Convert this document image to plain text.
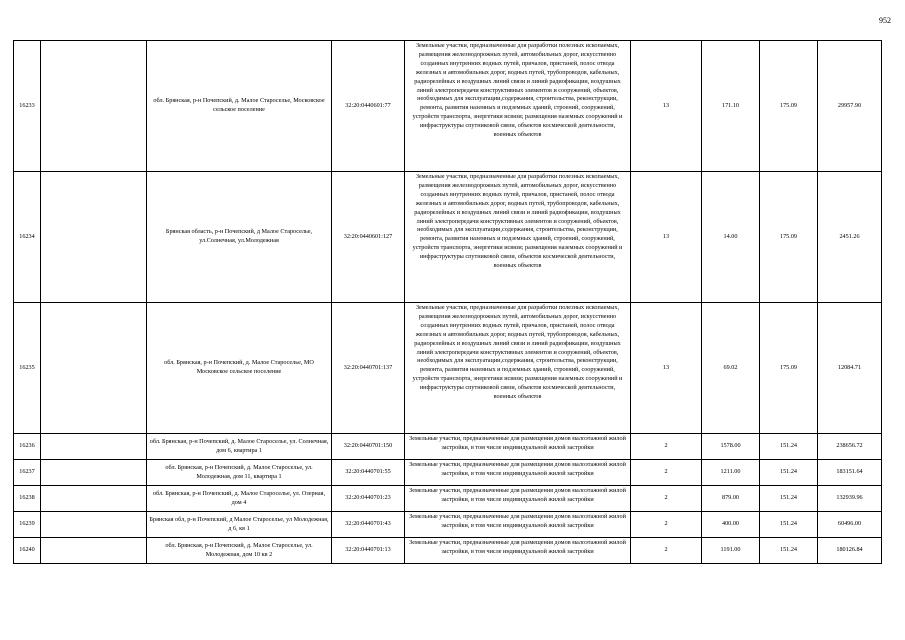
952
16233		обл. Брянская, р-н Почепский, д. Малое Староселье, Московское сельское поселение	32:20:0440601:77	Земельные участки, предназначенные для разработки полезных ископаемых, размещения железнодорожных путей, автомобильных дорог, искусственно созданных внутренних водных путей, причалов, пристаней, полос отвода железных и автомобильных дорог, водных путей, трубопроводов, кабельных, радиорелейных и воздушных линий связи и линий радиофикации, воздушных линий электропередачи конструктивных элементов и сооружений, объектов, необходимых для эксплуатации,содержания, строительства, реконструкции, ремонта, развития наземных и подземных зданий, строений, сооружений, устройств транспорта, энергетики исвязи; размещения наземных сооружений и инфраструктуры спутниковой связи, объектов космической деятельности, военных объектов	13	171.10	175.09	29957.90
16234		Брянская область, р-н Почепский, д Малое Староселье, ул.Солнечная, ул.Молодежная	32:20:0440601:127	Земельные участки, предназначенные для разработки полезных ископаемых, размещения железнодорожных путей, автомобильных дорог, искусственно созданных внутренних водных путей, причалов, пристаней, полос отвода железных и автомобильных дорог, водных путей, трубопроводов, кабельных, радиорелейных и воздушных линий связи и линий радиофикации, воздушных линий электропередачи конструктивных элементов и сооружений, объектов, необходимых для эксплуатации,содержания, строительства, реконструкции, ремонта, развития наземных и подземных зданий, строений, сооружений, устройств транспорта, энергетики исвязи; размещения наземных сооружений и инфраструктуры спутниковой связи, объектов космической деятельности, военных объектов	13	14.00	175.09	2451.26
16235		обл. Брянская, р-н Почепский, д. Малое Староселье, МО Московское сельское поселение	32:20:0440701:137	Земельные участки, предназначенные для разработки полезных ископаемых, размещения железнодорожных путей, автомобильных дорог, искусственно созданных внутренних водных путей, причалов, пристаней, полос отвода железных и автомобильных дорог, водных путей, трубопроводов, кабельных, радиорелейных и воздушных линий связи и линий радиофикации, воздушных линий электропередачи конструктивных элементов и сооружений, объектов, необходимых для эксплуатации,содержания, строительства, реконструкции, ремонта, развития наземных и подземных зданий, строений, сооружений, устройств транспорта, энергетики исвязи; размещения наземных сооружений и инфраструктуры спутниковой связи, объектов космической деятельности, военных объектов	13	69.02	175.09	12084.71
16236		обл. Брянская, р-н Почепский, д. Малое Староселье, ул. Солнечная, дом 6, квартира 1	32:20:0440701:150	Земельные участки, предназначенные для размещения домов малоэтажной жилой застройки, в том числе индивидуальной жилой застройки	2	1578.00	151.24	238656.72
16237		обл. Брянская, р-н Почепский, д. Малое Староселье, ул. Молодежная, дом 11, квартира 1	32:20:0440701:55	Земельные участки, предназначенные для размещения домов малоэтажной жилой застройки, в том числе индивидуальной жилой застройки	2	1211.00	151.24	183151.64
16238		обл. Брянская, р-н Почепский, д. Малое Староселье, ул. Озерная, дом 4	32:20:0440701:23	Земельные участки, предназначенные для размещения домов малоэтажной жилой застройки, в том числе индивидуальной жилой застройки	2	879.00	151.24	132939.96
16239		Брянская обл, р-н Почепский, д Малое Староселье, ул Молодежная, д 6, кв 1	32:20:0440701:43	Земельные участки, предназначенные для размещения домов малоэтажной жилой застройки, в том числе индивидуальной жилой застройки	2	400.00	151.24	60496.00
16240		обл. Брянская, р-н Почепский, д. Малое Староселье, ул. Молодежная, дом 10 кв 2	32:20:0440701:13	Земельные участки, предназначенные для размещения домов малоэтажной жилой застройки, в том числе индивидуальной жилой застройки	2	1191.00	151.24	180126.84
